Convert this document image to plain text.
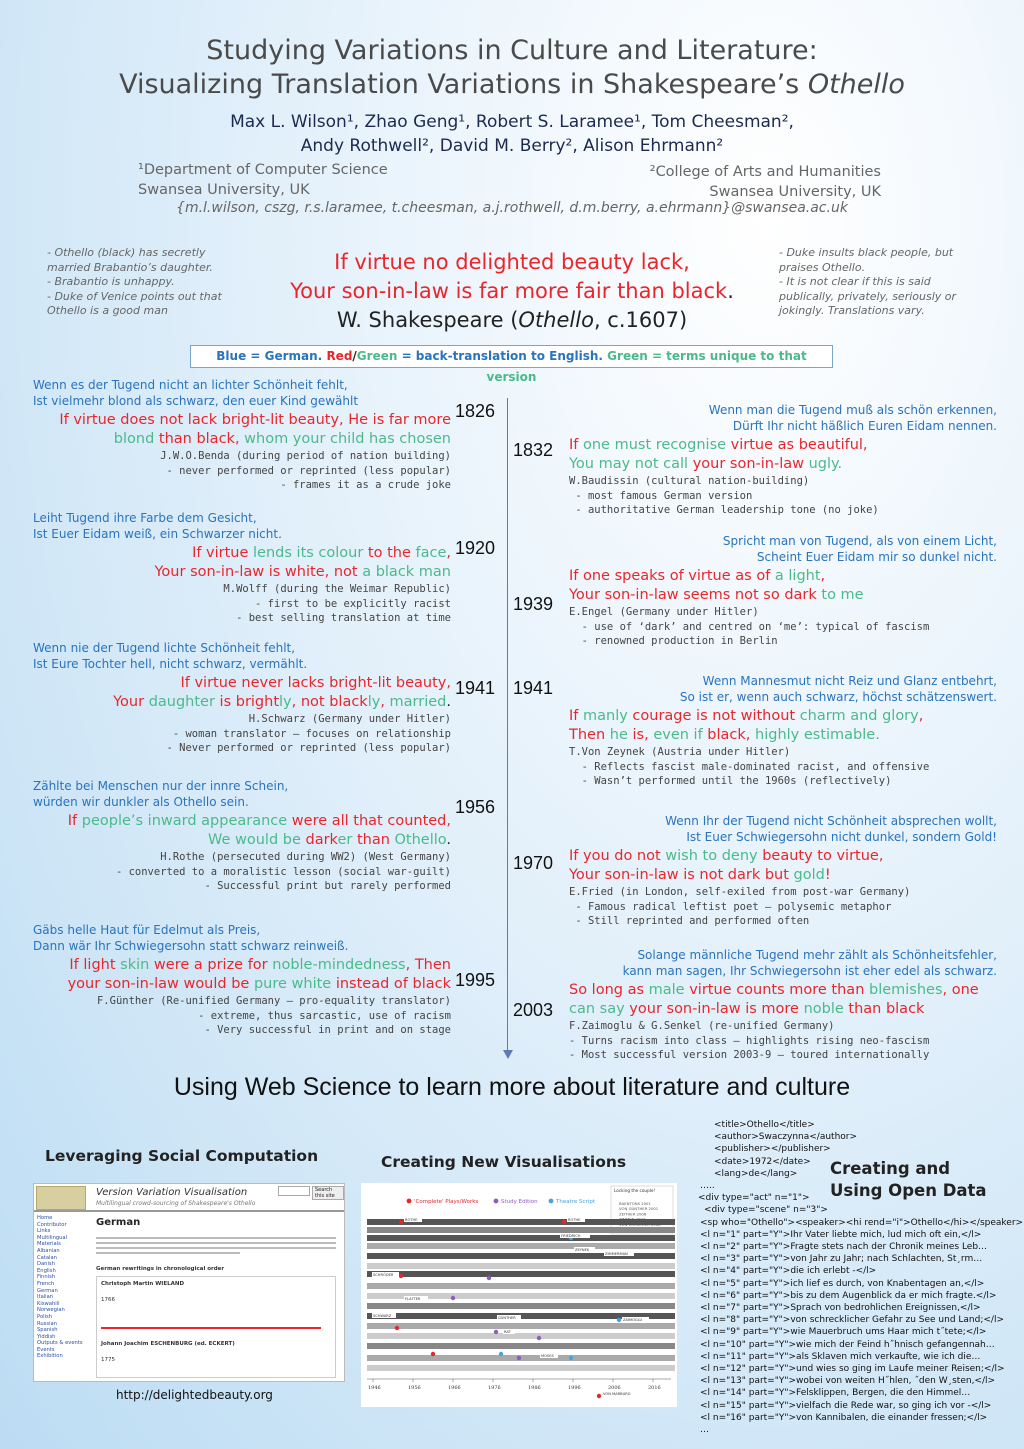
Studying Variations in Culture and Literature:
Visualizing Translation Variations in Shakespeare’s Othello
Max L. Wilson¹, Zhao Geng¹, Robert S. Laramee¹, Tom Cheesman²,
Andy Rothwell², David M. Berry², Alison Ehrmann²
¹Department of Computer Science
Swansea University, UK
²College of Arts and Humanities
Swansea University, UK
{m.l.wilson, cszg, r.s.laramee, t.cheesman, a.j.rothwell, d.m.berry, a.ehrmann}@swansea.ac.uk
- Othello (black) has secretly
married Brabantio’s daughter.
- Brabantio is unhappy.
- Duke of Venice points out that
Othello is a good man
- Duke insults black people, but
praises Othello.
- It is not clear if this is said
publically, privately, seriously or
jokingly. Translations vary.
If virtue no delighted beauty lack,
Your son-in-law is far more fair than black.
W. Shakespeare (Othello, c.1607)
Blue = German. Red/Green = back-translation to English. Green = terms unique to that version
Wenn es der Tugend nicht an lichter Schönheit fehlt,
Ist vielmehr blond als schwarz, den euer Kind gewählt
If virtue does not lack bright-lit beauty, He is far more
blond than black, whom your child has chosen
J.W.O.Benda (during period of nation building)
- never performed or reprinted (less popular)
- frames it as a crude joke
1826
Leiht Tugend ihre Farbe dem Gesicht,
Ist Euer Eidam weiß, ein Schwarzer nicht.
If virtue lends its colour to the face,
Your son-in-law is white, not a black man
M.Wolff (during the Weimar Republic)
- first to be explicitly racist
- best selling translation at time
1920
Wenn nie der Tugend lichte Schönheit fehlt,
Ist Eure Tochter hell, nicht schwarz, vermählt.
If virtue never lacks bright-lit beauty,
Your daughter is brightly, not blackly, married.
H.Schwarz (Germany under Hitler)
- woman translator – focuses on relationship
- Never performed or reprinted (less popular)
1941
Zählte bei Menschen nur der innre Schein,
würden wir dunkler als Othello sein.
If people’s inward appearance were all that counted,
We would be darker than Othello.
H.Rothe (persecuted during WW2) (West Germany)
- converted to a moralistic lesson (social war-guilt)
- Successful print but rarely performed
1956
Gäbs helle Haut für Edelmut als Preis,
Dann wär Ihr Schwiegersohn statt schwarz reinweiß.
If light skin were a prize for noble-mindedness, Then
your son-in-law would be pure white instead of black
F.Günther (Re-unified Germany – pro-equality translator)
- extreme, thus sarcastic, use of racism
- Very successful in print and on stage
1995
Wenn man die Tugend muß als schön erkennen,
Dürft Ihr nicht häßlich Euren Eidam nennen.
If one must recognise virtue as beautiful,
You may not call your son-in-law ugly.
W.Baudissin (cultural nation-building)
- most famous German version
- authoritative German leadership tone (no joke)
1832
Spricht man von Tugend, als von einem Licht,
Scheint Euer Eidam mir so dunkel nicht.
If one speaks of virtue as of a light,
Your son-in-law seems not so dark to me
E.Engel (Germany under Hitler)
- use of ‘dark’ and centred on ‘me’: typical of fascism
- renowned production in Berlin
1939
Wenn Mannesmut nicht Reiz und Glanz entbehrt,
So ist er, wenn auch schwarz, höchst schätzenswert.
If manly courage is not without charm and glory,
Then he is, even if black, highly estimable.
T.Von Zeynek (Austria under Hitler)
- Reflects fascist male-dominated racist, and offensive
- Wasn’t performed until the 1960s (reflectively)
1941
Wenn Ihr der Tugend nicht Schönheit absprechen wollt,
Ist Euer Schwiegersohn nicht dunkel, sondern Gold!
If you do not wish to deny beauty to virtue,
Your son-in-law is not dark but gold!
E.Fried (in London, self-exiled from post-war Germany)
- Famous radical leftist poet – polysemic metaphor
- Still reprinted and performed often
1970
Solange männliche Tugend mehr zählt als Schönheitsfehler,
kann man sagen, Ihr Schwiegersohn ist eher edel als schwarz.
So long as male virtue counts more than blemishes, one
can say your son-in-law is more noble than black
F.Zaimoglu & G.Senkel (re-unified Germany)
- Turns racism into class – highlights rising neo-fascism
- Most successful version 2003-9 – toured internationally
2003
Using Web Science to learn more about literature and culture
Leveraging Social Computation
Version Variation Visualisation
Multilingual crowd-sourcing of Shakespeare's Othello
Search this site
Home
Contributor
Links
Multilingual Materials
Albanian
Catalan
Danish
English
Finnish
French
German
Italian
Kiswahili
Norwegian
Polish
Russian
Spanish
Yiddish
Outputs & events
Events
Exhibition
German
German rewritings in chronological order
Christoph Martin WIELAND
1766
Johann Joachim ESCHENBURG (ed. ECKERT)
1775
http://delightedbeauty.org
Creating New Visualisations
'Complete' Plays/Works	Study Edition	Theatre Script
Locking the couple!
BAENTONS 2001
VON GÜNTHER 2001
ZEITHER 2006
ROTHE	ROTHE
FRIEDRICH
ZEYNEK
ZIMMERMAN
SCHRÖDER
FLATTER
SCHWARZ	GÜNTHER
RAT
ZAIMOGLU
MOSES
VON MARBURG
1946	1956	1966	1976	1986	1996	2006	2016
Creating and
Using Open Data
<title>Othello</title>
<author>Swaczynna</author>
<publisher></publisher>
<date>1972</date>
<lang>de</lang>
…..
<div type="act" n="1">
<div type="scene" n="3">
<sp who="Othello"><speaker><hi rend="i">Othello</hi></speaker>
<l n="1" part="Y">Ihr Vater liebte mich, lud mich oft ein,</l>
<l n="2" part="Y">Fragte stets nach der Chronik meines Leb…
<l n="3" part="Y">von Jahr zu Jahr; nach Schlachten, St¸rm…
<l n="4" part="Y">die ich erlebt -</l>
<l n="5" part="Y">ich lief es durch, von Knabentagen an,</l>
<l n="6" part="Y">bis zu dem Augenblick da er mich fragte.</l>
<l n="7" part="Y">Sprach von bedrohlichen Ereignissen,</l>
<l n="8" part="Y">von schrecklicher Gefahr zu See und Land;</l>
<l n="9" part="Y">wie Mauerbruch ums Haar mich t˝tete;</l>
<l n="10" part="Y">wie mich der Feind h˝hnisch gefangennah…
<l n="11" part="Y">als Sklaven mich verkaufte, wie ich die…
<l n="12" part="Y">und wies so ging im Laufe meiner Reisen;</l>
<l n="13" part="Y">wobei von weiten H˝hlen, ˝den W¸sten,</l>
<l n="14" part="Y">Felsklippen, Bergen, die den Himmel…
<l n="15" part="Y">vielfach die Rede war, so ging ich vor -</l>
<l n="16" part="Y">von Kannibalen, die einander fressen;</l>
…
